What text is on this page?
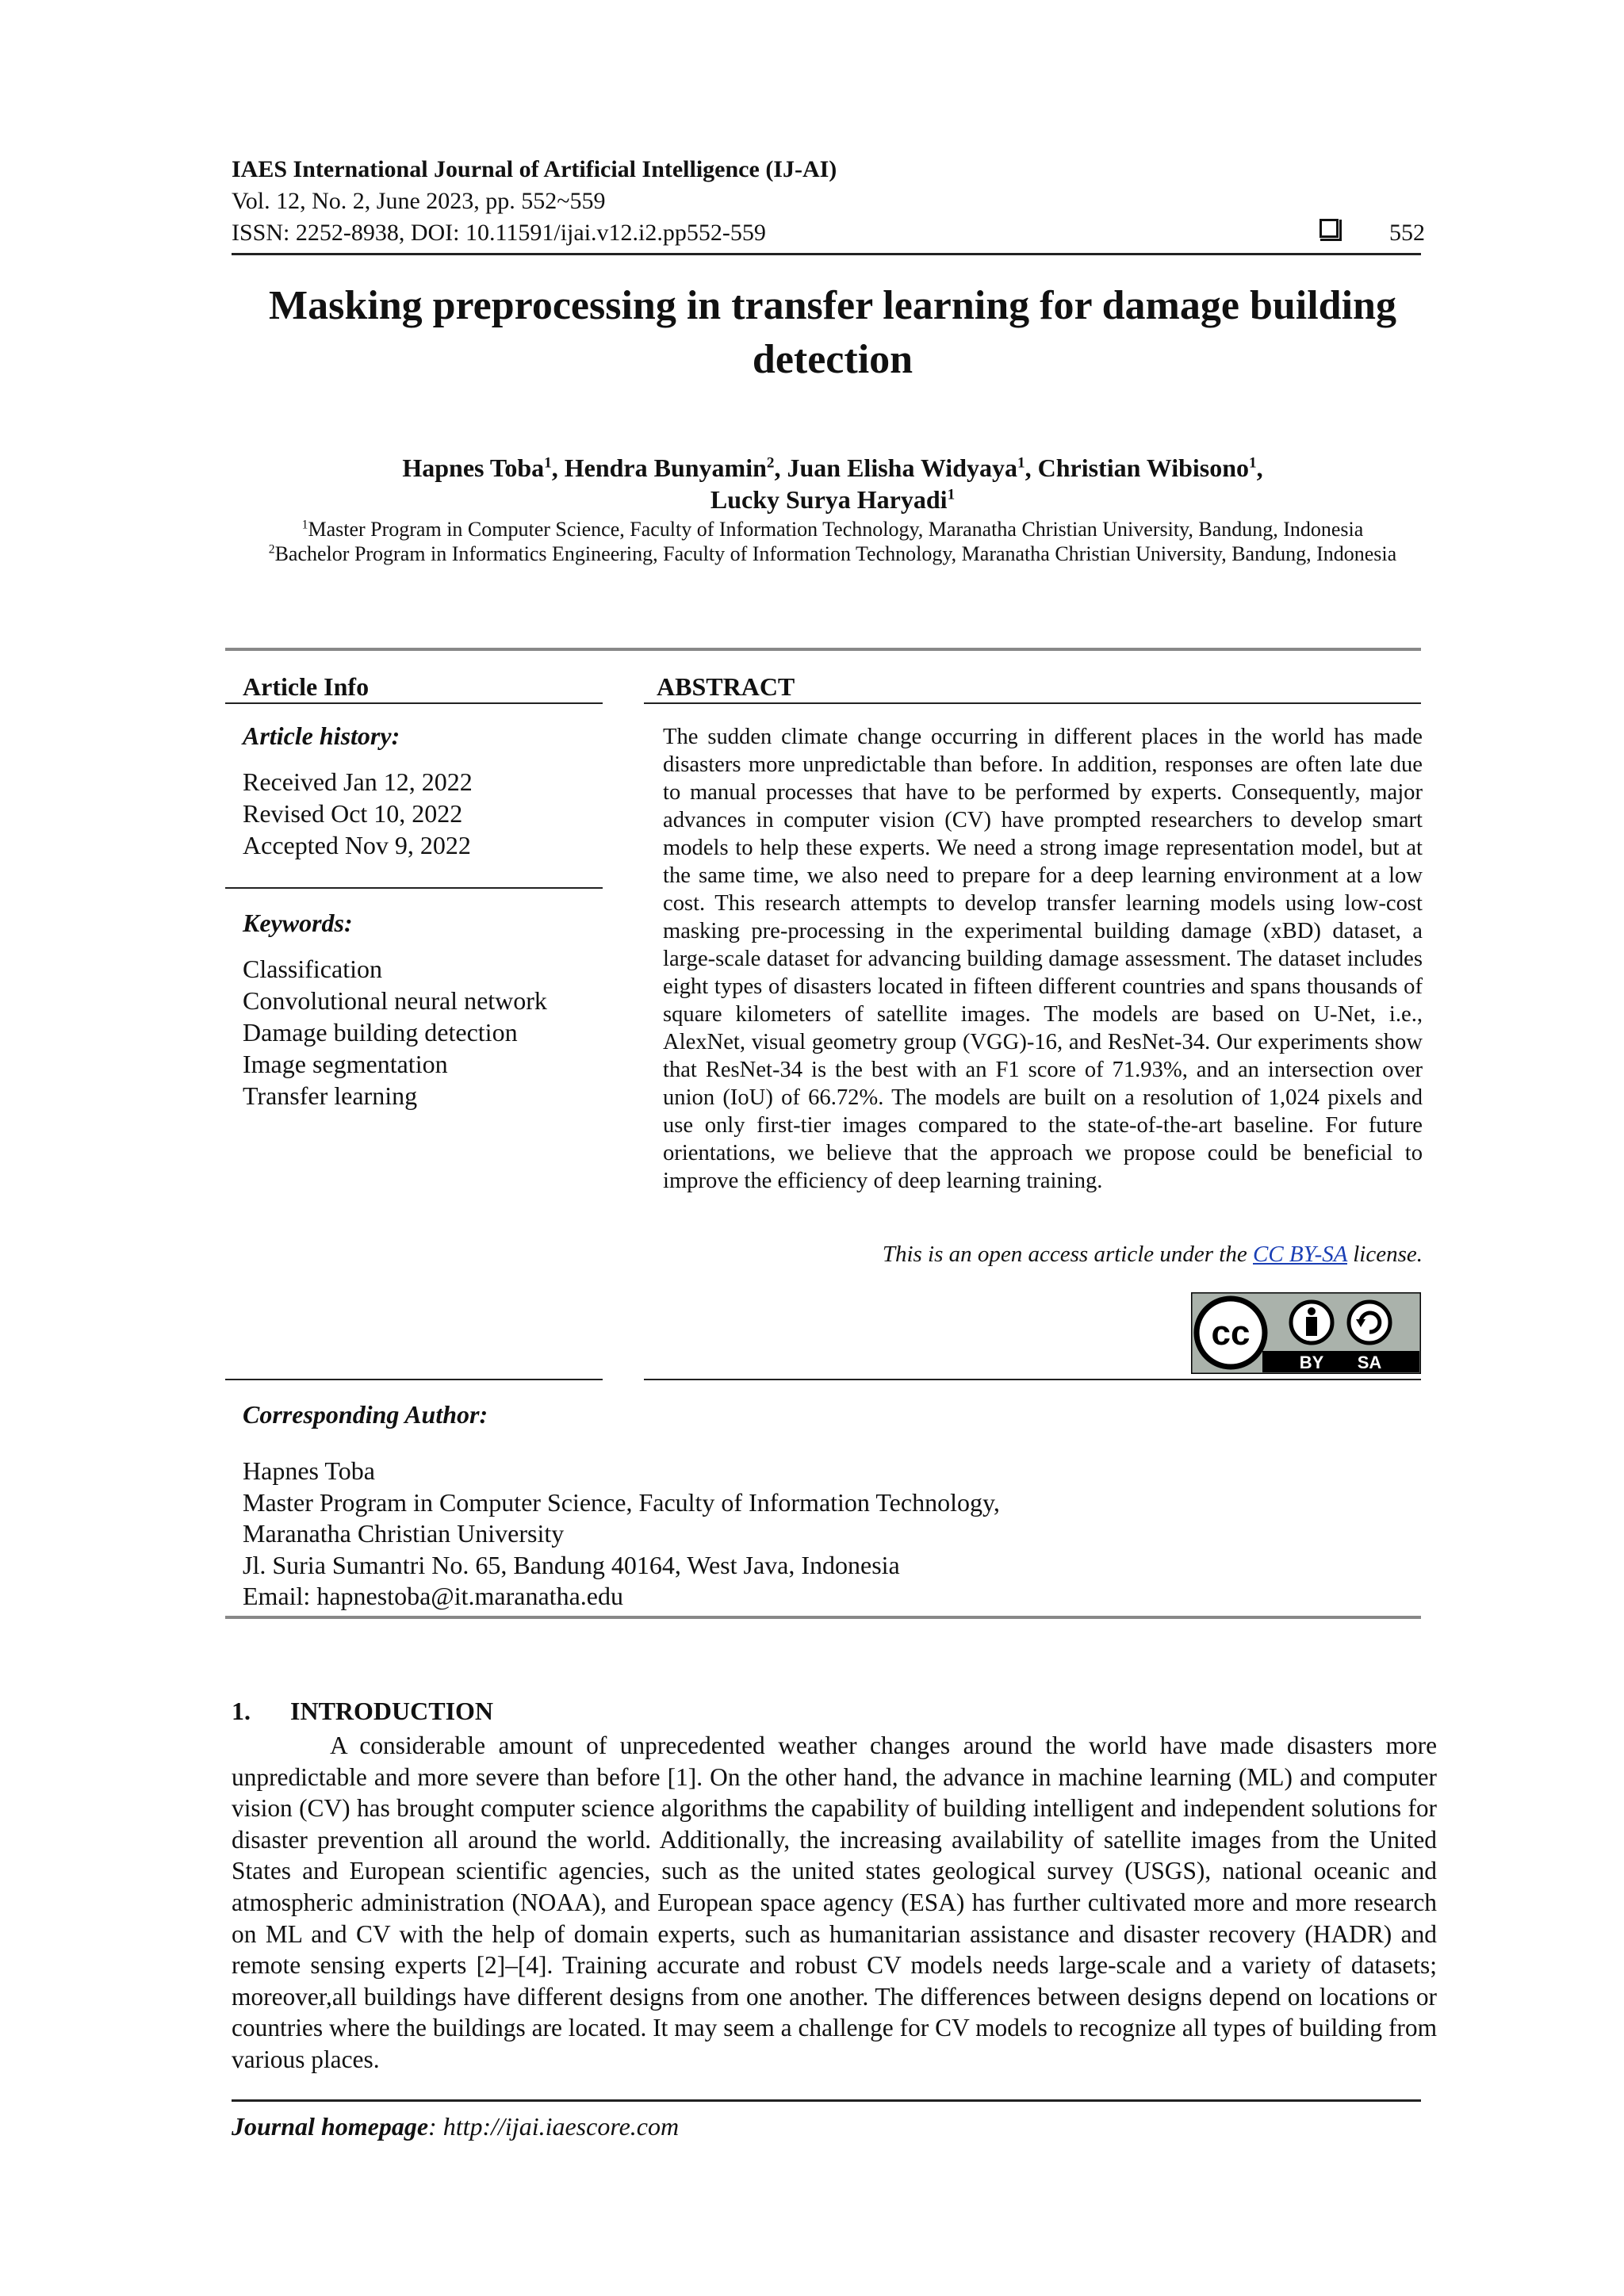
IAES International Journal of Artificial Intelligence (IJ-AI)
Vol. 12, No. 2, June 2023, pp. 552~559
ISSN: 2252-8938, DOI: 10.11591/ijai.v12.i2.pp552-559	552
Masking preprocessing in transfer learning for damage building detection
Hapnes Toba$^1$, Hendra Bunyamin$^2$, Juan Elisha Widyaya$^1$, Christian Wibisono$^1$,
Lucky Surya Haryadi$^1$
$^1$Master Program in Computer Science, Faculty of Information Technology, Maranatha Christian University, Bandung, Indonesia
$^2$Bachelor Program in Informatics Engineering, Faculty of Information Technology, Maranatha Christian University, Bandung, Indonesia
Article Info
Article history:
Received Jan 12, 2022
Revised Oct 10, 2022
Accepted Nov 9, 2022
Keywords:
Classification
Convolutional neural network
Damage building detection
Image segmentation
Transfer learning
ABSTRACT
The sudden climate change occurring in different places in the world has made disasters more unpredictable than before. In addition, responses are often late due to manual processes that have to be performed by experts. Consequently, major advances in computer vision (CV) have prompted researchers to develop smart models to help these experts. We need a strong image representation model, but at the same time, we also need to prepare for a deep learning environment at a low cost. This research attempts to develop transfer learning models using low-cost masking pre-processing in the experimental building damage (xBD) dataset, a large-scale dataset for advancing building damage assessment. The dataset includes eight types of disasters located in fifteen different countries and spans thousands of square kilometers of satellite images. The models are based on U-Net, i.e., AlexNet, visual geometry group (VGG)-16, and ResNet-34. Our experiments show that ResNet-34 is the best with an F1 score of 71.93%, and an intersection over union (IoU) of 66.72%. The models are built on a resolution of 1,024 pixels and use only first-tier images compared to the state-of-the-art baseline. For future orientations, we believe that the approach we propose could be beneficial to improve the efficiency of deep learning training.
This is an open access article under the CC BY-SA license.
cc
BY SA
Corresponding Author:
Hapnes Toba
Master Program in Computer Science, Faculty of Information Technology,
Maranatha Christian University
Jl. Suria Sumantri No. 65, Bandung 40164, West Java, Indonesia
Email: hapnestoba@it.maranatha.edu
1. INTRODUCTION
A considerable amount of unprecedented weather changes around the world have made disasters more unpredictable and more severe than before [1]. On the other hand, the advance in machine learning (ML) and computer vision (CV) has brought computer science algorithms the capability of building intelligent and independent solutions for disaster prevention all around the world. Additionally, the increasing availability of satellite images from the United States and European scientific agencies, such as the united states geological survey (USGS), national oceanic and atmospheric administration (NOAA), and European space agency (ESA) has further cultivated more and more research on ML and CV with the help of domain experts, such as humanitarian assistance and disaster recovery (HADR) and remote sensing experts [2]–[4]. Training accurate and robust CV models needs large-scale and a variety of datasets; moreover,all buildings have different designs from one another. The differences between designs depend on locations or countries where the buildings are located. It may seem a challenge for CV models to recognize all types of building from various places.
Journal homepage: http://ijai.iaescore.com
